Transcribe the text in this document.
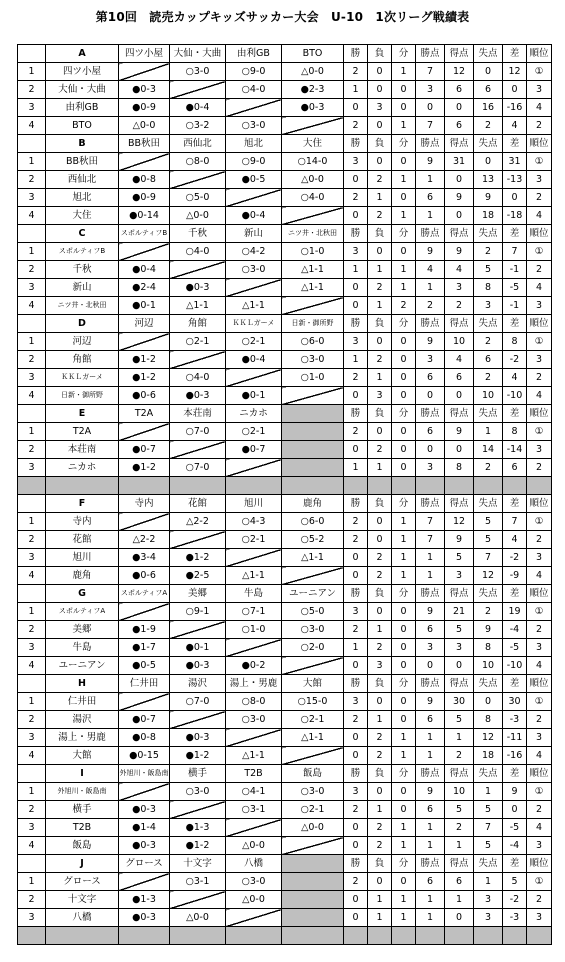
第10回　読売カップキッズサッカー大会　U-10　1次リーグ戦績表
	A	四ツ小屋	大仙・大曲	由利GB	BTO	勝	負	分	勝点	得点	失点	差	順位
1	四ツ小屋		○3-0	○9-0	△0-0	2	0	1	7	12	0	12	①
2	大仙・大曲	●0-3		○4-0	●2-3	1	0	0	3	6	6	0	3
3	由利GB	●0-9	●0-4		●0-3	0	3	0	0	0	16	-16	4
4	BTO	△0-0	○3-2	○3-0		2	0	1	7	6	2	4	2
	B	BB秋田	西仙北	旭北	大住	勝	負	分	勝点	得点	失点	差	順位
1	BB秋田		○8-0	○9-0	○14-0	3	0	0	9	31	0	31	①
2	西仙北	●0-8		●0-5	△0-0	0	2	1	1	0	13	-13	3
3	旭北	●0-9	○5-0		○4-0	2	1	0	6	9	9	0	2
4	大住	●0-14	△0-0	●0-4		0	2	1	1	0	18	-18	4
	C	スポルティフB	千秋	新山	ニツ井・北秋田	勝	負	分	勝点	得点	失点	差	順位
1	スポルティフB		○4-0	○4-2	○1-0	3	0	0	9	9	2	7	①
2	千秋	●0-4		○3-0	△1-1	1	1	1	4	4	5	-1	2
3	新山	●2-4	●0-3		△1-1	0	2	1	1	3	8	-5	4
4	ニツ井・北秋田	●0-1	△1-1	△1-1		0	1	2	2	2	3	-1	3
	D	河辺	角館	ＫＫＬガーメ	日新・御所野	勝	負	分	勝点	得点	失点	差	順位
1	河辺		○2-1	○2-1	○6-0	3	0	0	9	10	2	8	①
2	角館	●1-2		●0-4	○3-0	1	2	0	3	4	6	-2	3
3	ＫＫＬガーメ	●1-2	○4-0		○1-0	2	1	0	6	6	2	4	2
4	日新・御所野	●0-6	●0-3	●0-1		0	3	0	0	0	10	-10	4
	E	T2A	本荘南	ニカホ		勝	負	分	勝点	得点	失点	差	順位
1	T2A		○7-0	○2-1		2	0	0	6	9	1	8	①
2	本荘南	●0-7		●0-7		0	2	0	0	0	14	-14	3
3	ニカホ	●1-2	○7-0			1	1	0	3	8	2	6	2

	F	寺内	花館	旭川	鹿角	勝	負	分	勝点	得点	失点	差	順位
1	寺内		△2-2	○4-3	○6-0	2	0	1	7	12	5	7	①
2	花館	△2-2		○2-1	○5-2	2	0	1	7	9	5	4	2
3	旭川	●3-4	●1-2		△1-1	0	2	1	1	5	7	-2	3
4	鹿角	●0-6	●2-5	△1-1		0	2	1	1	3	12	-9	4
	G	スポルティフA	美郷	牛島	ユーニアン	勝	負	分	勝点	得点	失点	差	順位
1	スポルティフA		○9-1	○7-1	○5-0	3	0	0	9	21	2	19	①
2	美郷	●1-9		○1-0	○3-0	2	1	0	6	5	9	-4	2
3	牛島	●1-7	●0-1		○2-0	1	2	0	3	3	8	-5	3
4	ユーニアン	●0-5	●0-3	●0-2		0	3	0	0	0	10	-10	4
	H	仁井田	湯沢	湯上・男鹿	大館	勝	負	分	勝点	得点	失点	差	順位
1	仁井田		○7-0	○8-0	○15-0	3	0	0	9	30	0	30	①
2	湯沢	●0-7		○3-0	○2-1	2	1	0	6	5	8	-3	2
3	湯上・男鹿	●0-8	●0-3		△1-1	0	2	1	1	1	12	-11	3
4	大館	●0-15	●1-2	△1-1		0	2	1	1	2	18	-16	4
	I	外旭川・飯島南	横手	T2B	飯島	勝	負	分	勝点	得点	失点	差	順位
1	外旭川・飯島南		○3-0	○4-1	○3-0	3	0	0	9	10	1	9	①
2	横手	●0-3		○3-1	○2-1	2	1	0	6	5	5	0	2
3	T2B	●1-4	●1-3		△0-0	0	2	1	1	2	7	-5	4
4	飯島	●0-3	●1-2	△0-0		0	2	1	1	1	5	-4	3
	J	グロース	十文字	八橋		勝	負	分	勝点	得点	失点	差	順位
1	グロース		○3-1	○3-0		2	0	0	6	6	1	5	①
2	十文字	●1-3		△0-0		0	1	1	1	1	3	-2	2
3	八橋	●0-3	△0-0			0	1	1	1	0	3	-3	3
